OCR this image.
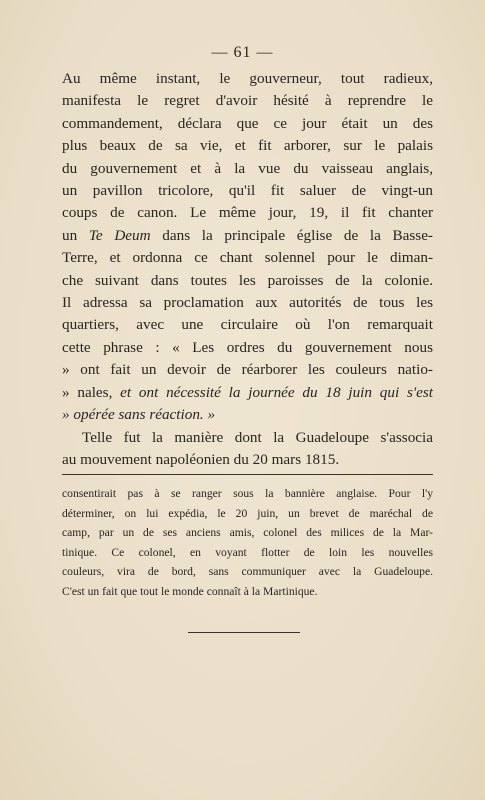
— 61 —
Au même instant, le gouverneur, tout radieux,
manifesta le regret d'avoir hésité à reprendre le
commandement, déclara que ce jour était un des
plus beaux de sa vie, et fit arborer, sur le palais
du gouvernement et à la vue du vaisseau anglais,
un pavillon tricolore, qu'il fit saluer de vingt-un
coups de canon. Le même jour, 19, il fit chanter
un Te Deum dans la principale église de la Basse-
Terre, et ordonna ce chant solennel pour le diman-
che suivant dans toutes les paroisses de la colonie.
Il adressa sa proclamation aux autorités de tous les
quartiers, avec une circulaire où l'on remarquait
cette phrase : « Les ordres du gouvernement nous
» ont fait un devoir de réarborer les couleurs natio-
» nales, et ont nécessité la journée du 18 juin qui s'est
» opérée sans réaction. »
Telle fut la manière dont la Guadeloupe s'associa
au mouvement napoléonien du 20 mars 1815.
consentirait pas à se ranger sous la bannière anglaise. Pour l'y
déterminer, on lui expédia, le 20 juin, un brevet de maréchal de
camp, par un de ses anciens amis, colonel des milices de la Mar-
tinique. Ce colonel, en voyant flotter de loin les nouvelles
couleurs, vira de bord, sans communiquer avec la Guadeloupe.
C'est un fait que tout le monde connaît à la Martinique.
